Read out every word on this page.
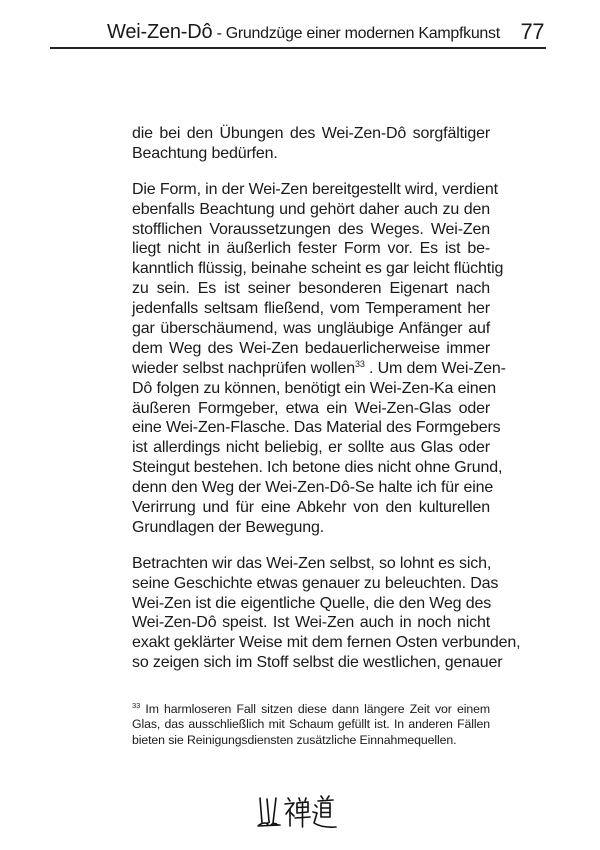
Wei-Zen-Dô - Grundzüge einer modernen Kampfkunst 77
die bei den Übungen des Wei-Zen-Dô sorgfältiger
Beachtung bedürfen.
Die Form, in der Wei-Zen bereitgestellt wird, verdient
ebenfalls Beachtung und gehört daher auch zu den
stofflichen Voraussetzungen des Weges. Wei-Zen
liegt nicht in äußerlich fester Form vor. Es ist be-
kanntlich flüssig, beinahe scheint es gar leicht flüchtig
zu sein. Es ist seiner besonderen Eigenart nach
jedenfalls seltsam fließend, vom Temperament her
gar überschäumend, was ungläubige Anfänger auf
dem Weg des Wei-Zen bedauerlicherweise immer
wieder selbst nachprüfen wollen$^{33}$ . Um dem Wei-Zen-
Dô folgen zu können, benötigt ein Wei-Zen-Ka einen
äußeren Formgeber, etwa ein Wei-Zen-Glas oder
eine Wei-Zen-Flasche. Das Material des Formgebers
ist allerdings nicht beliebig, er sollte aus Glas oder
Steingut bestehen. Ich betone dies nicht ohne Grund,
denn den Weg der Wei-Zen-Dô-Se halte ich für eine
Verirrung und für eine Abkehr von den kulturellen
Grundlagen der Bewegung.
Betrachten wir das Wei-Zen selbst, so lohnt es sich,
seine Geschichte etwas genauer zu beleuchten. Das
Wei-Zen ist die eigentliche Quelle, die den Weg des
Wei-Zen-Dô speist. Ist Wei-Zen auch in noch nicht
exakt geklärter Weise mit dem fernen Osten verbunden,
so zeigen sich im Stoff selbst die westlichen, genauer
$^{33}$ Im harmloseren Fall sitzen diese dann längere Zeit vor einem
Glas, das ausschließlich mit Schaum gefüllt ist. In anderen Fällen
bieten sie Reinigungsdiensten zusätzliche Einnahmequellen.
